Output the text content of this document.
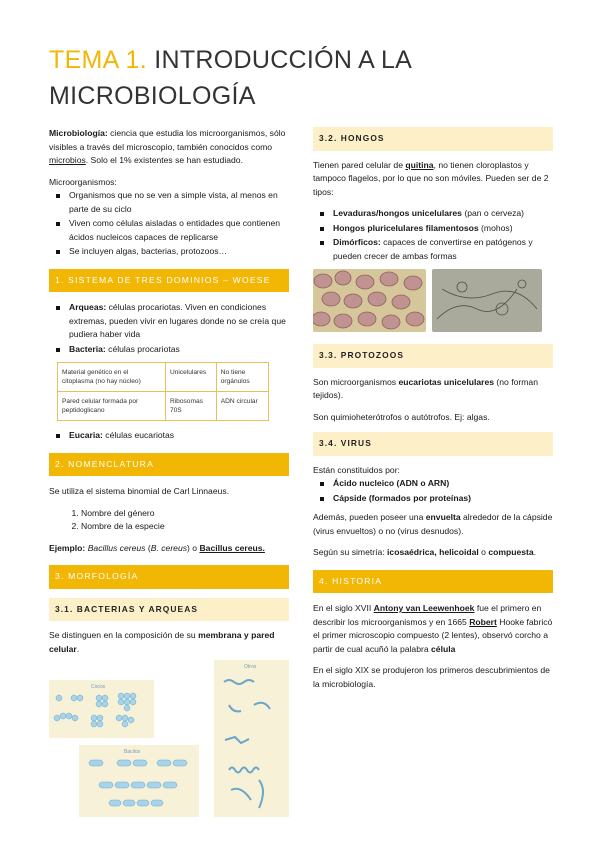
TEMA 1. INTRODUCCIÓN A LA MICROBIOLOGÍA

Microbiología: ciencia que estudia los microorganismos, sólo visibles a través del microscopio, también conocidos como microbios. Solo el 1% existentes se han estudiado.

Microorganismos:
Organismos que no se ven a simple vista, al menos en parte de su ciclo
Viven como células aisladas o entidades que contienen ácidos nucleicos capaces de replicarse
Se incluyen algas, bacterias, protozoos…
1. SISTEMA DE TRES DOMINIOS – WOESE
Arqueas: células procariotas. Viven en condiciones extremas, pueden vivir en lugares donde no se creía que pudiera haber vida
Bacteria: células procariotas
Material genético en el citoplasma (no hay núcleo)	Unicelulares	No tiene orgánulos
Pared celular formada por peptidoglicano	Ribosomas 70S	ADN circular
Eucaria: células eucariotas
2. NOMENCLATURA

Se utiliza el sistema binomial de Carl Linnaeus.

1. Nombre del género
2. Nombre de la especie

Ejemplo: Bacillus cereus (B. cereus) o Bacillus cereus.

3. MORFOLOGÍA
3.1. BACTERIAS Y ARQUEAS

Se distinguen en la composición de su membrana y pared celular.

Cocos
Bacilos
Otros
3.2. HONGOS

Tienen pared celular de quitina, no tienen cloroplastos y tampoco flagelos, por lo que no son móviles. Pueden ser de 2 tipos:

Levaduras/hongos unicelulares (pan o cerveza)
Hongos pluricelulares filamentosos (mohos)
Dimórficos: capaces de convertirse en patógenos y pueden crecer de ambas formas
3.3. PROTOZOOS

Son microorganismos eucariotas unicelulares (no forman tejidos).

Son quimioheterótrofos o autótrofos. Ej: algas.

3.4. VIRUS
Están constituidos por:
Ácido nucleico (ADN o ARN)
Cápside (formados por proteínas)

Además, pueden poseer una envuelta alrededor de la cápside (virus envueltos) o no (virus desnudos).

Según su simetría: icosaédrica, helicoidal o compuesta.

4. HISTORIA

En el siglo XVII Antony van Leewenhoek fue el primero en describir los microorganismos y en 1665 Robert Hooke fabricó el primer microscopio compuesto (2 lentes), observó corcho a partir de cual acuñó la palabra célula

En el siglo XIX se produjeron los primeros descubrimientos de la microbiología.
